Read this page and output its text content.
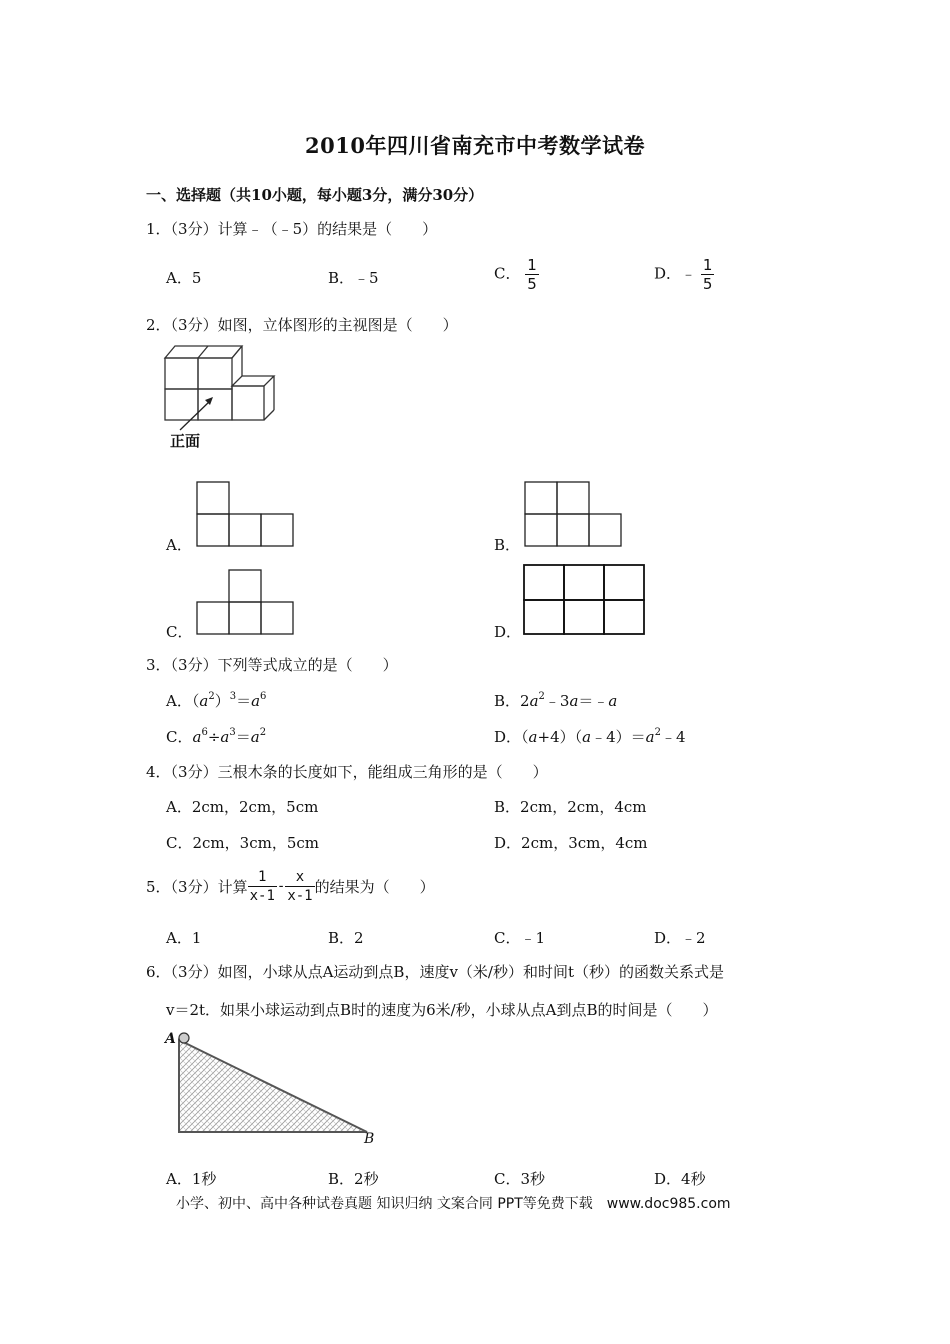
2010年四川省南充市中考数学试卷
一、选择题（共10小题，每小题3分，满分30分）
1．（3分）计算﹣（﹣5）的结果是（　　）
A．5	B．﹣5	C． $\frac{1}{5}$	D．﹣ $\frac{1}{5}$
2．（3分）如图，立体图形的主视图是（　　）
正面
A．	B．
C．	D．
3．（3分）下列等式成立的是（　　）
A．$(a^2)^3=a^6$	B．$2a^2﹣3a=﹣a$
C．$a^6\div a^3=a^2$	D．$(a+4)(a﹣4)=a^2﹣4$
4．（3分）三根木条的长度如下，能组成三角形的是（　　）
A．2cm，2cm，5cm	B．2cm，2cm，4cm
C．2cm，3cm，5cm	D．2cm，3cm，4cm
5．（3分）计算 $\frac{1}{x-1} - \frac{x}{x-1}$ 的结果为（　　）
A．1	B．2	C．﹣1	D．﹣2
6．（3分）如图，小球从点A运动到点B，速度v（米/秒）和时间t（秒）的函数关系式是
v＝2t．如果小球运动到点B时的速度为6米/秒，小球从点A到点B的时间是（　　）
A
B
A．1秒	B．2秒	C．3秒	D．4秒
小学、初中、高中各种试卷真题 知识归纳 文案合同 PPT等免费下载　www.doc985.com
